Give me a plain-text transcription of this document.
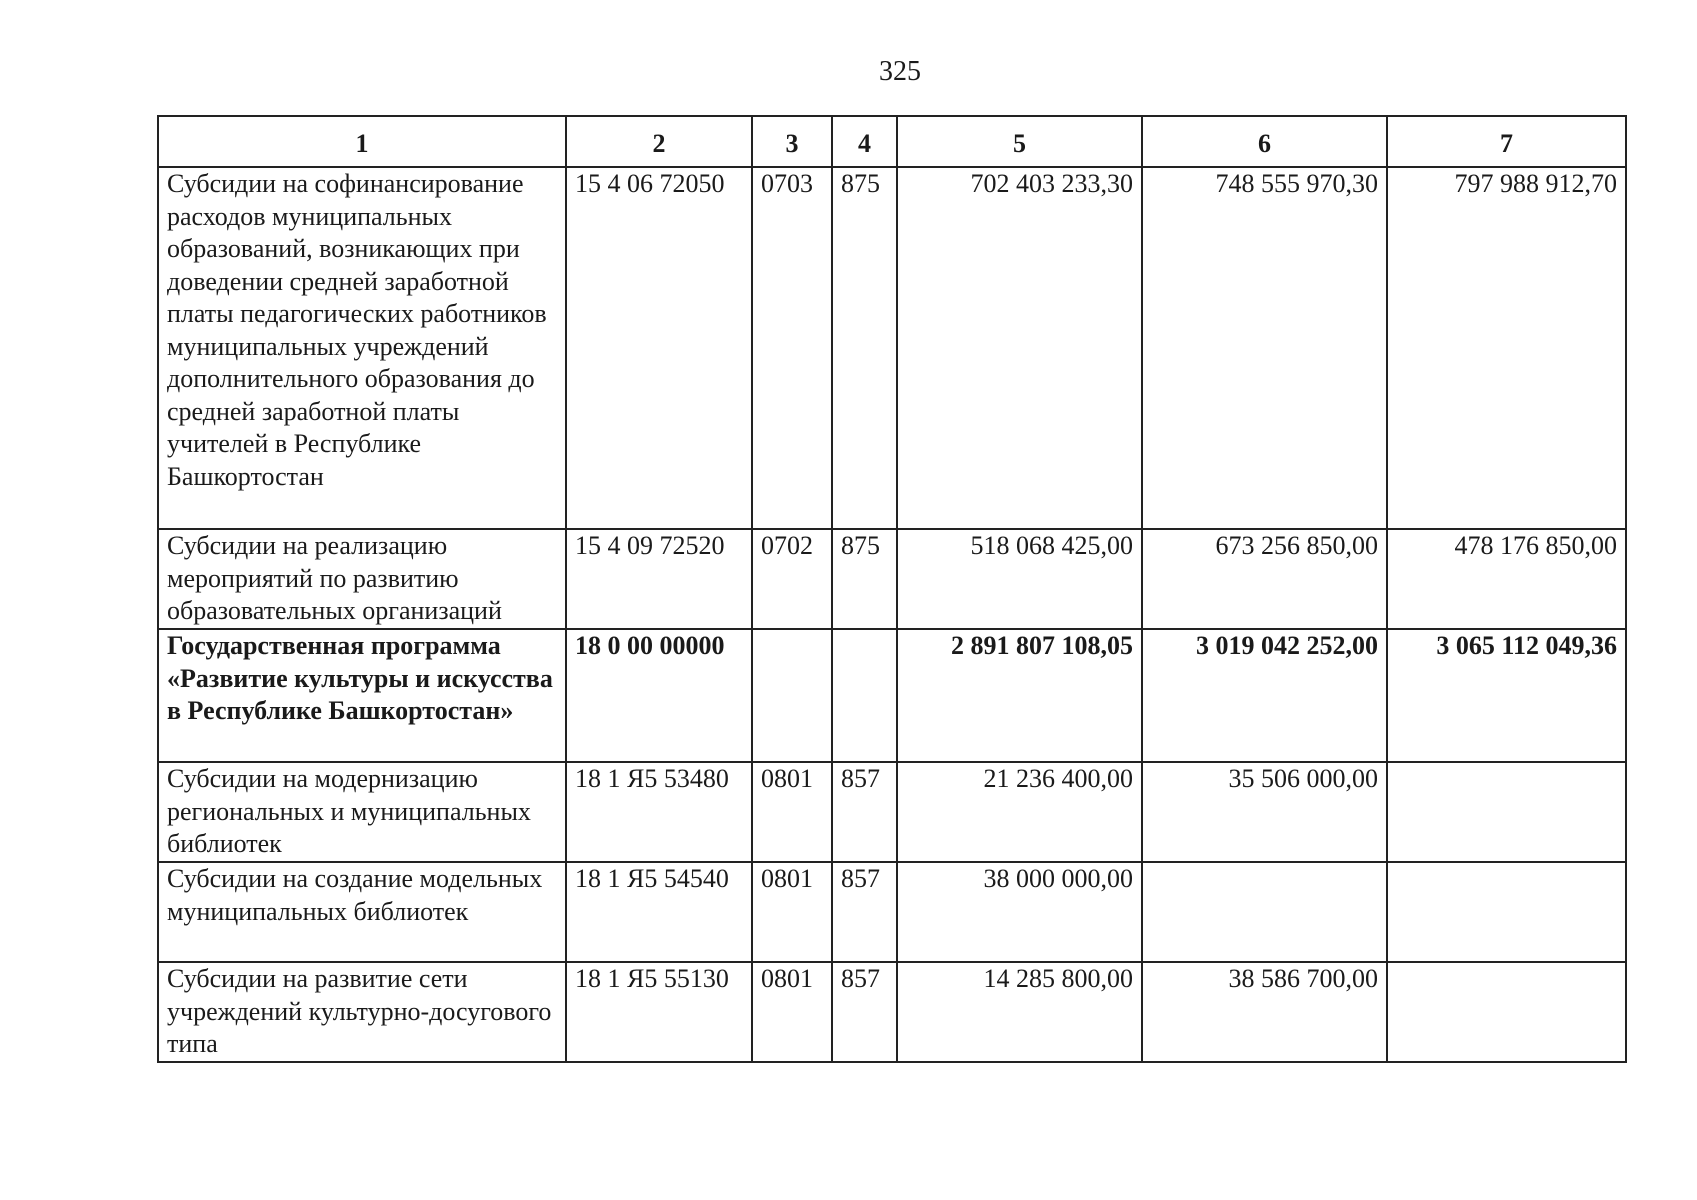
325
1	2	3	4	5	6	7
Субсидии на софинансирование расходов муниципальных образований, возникающих при доведении средней заработной платы педагогических работников муниципальных учреждений дополнительного образования до средней заработной платы учителей в Республике Башкортостан	15 4 06 72050	0703	875	702 403 233,30	748 555 970,30	797 988 912,70
Субсидии на реализацию мероприятий по развитию образовательных организаций	15 4 09 72520	0702	875	518 068 425,00	673 256 850,00	478 176 850,00
Государственная программа «Развитие культуры и искусства в Республике Башкортостан»	18 0 00 00000			2 891 807 108,05	3 019 042 252,00	3 065 112 049,36
Субсидии на модернизацию региональных и муниципальных библиотек	18 1 Я5 53480	0801	857	21 236 400,00	35 506 000,00	
Субсидии на создание модельных муниципальных библиотек	18 1 Я5 54540	0801	857	38 000 000,00		
Субсидии на развитие сети учреждений культурно-досугового типа	18 1 Я5 55130	0801	857	14 285 800,00	38 586 700,00	
